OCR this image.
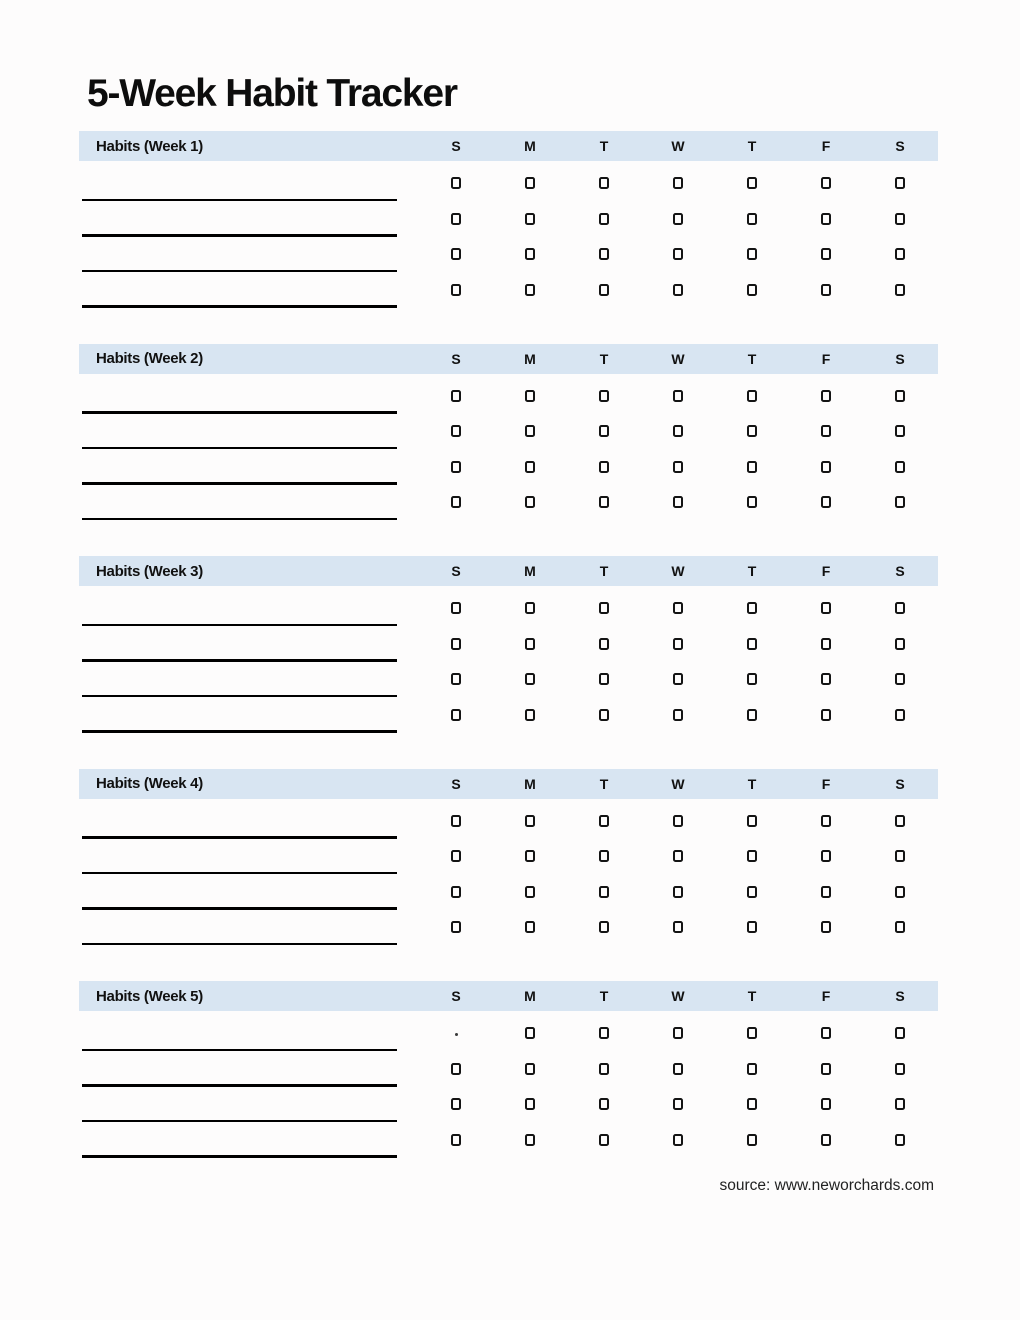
5-Week Habit Tracker
Habits (Week 1)	S	M	T	W	T	F	S
Habits (Week 2)	S	M	T	W	T	F	S
Habits (Week 3)	S	M	T	W	T	F	S
Habits (Week 4)	S	M	T	W	T	F	S
Habits (Week 5)	S	M	T	W	T	F	S
source: www.neworchards.com
